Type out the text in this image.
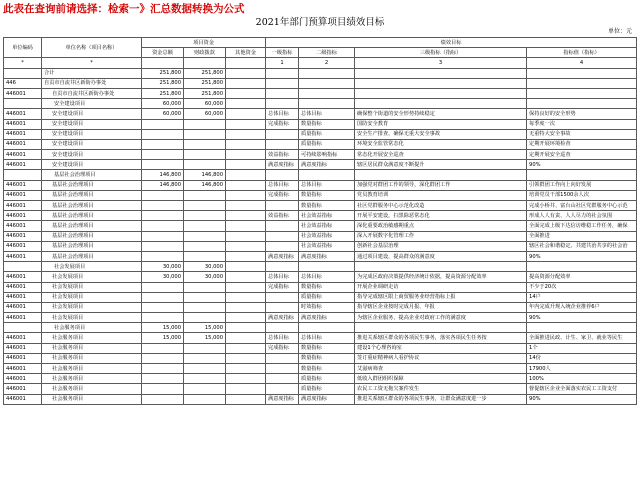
此表在查询前请选择：检索一》汇总数据转换为公式
2021年部门预算项目绩效目标
单位：元
单位编码	单位名称（项目名称）	项目资金			绩效目标			
		资金总额	财政拨款	其他资金	一级指标	二级指标	三级指标（指标）	指标值（指标）
*	*				1	2	3	4
	合计	251,800	251,800					
446	自贡市自流井区新街办事处	251,800	251,800					
446001	自贡市自流井区新街办事处	251,800	251,800					
	安全建设项目	60,000	60,000					
446001	安全建设项目	60,000	60,000		总体目标	总体目标	确保整个街道的安全形势持续稳定	保持良好的安全形势
446001	安全建设项目				完成指标	数量指标	国防安全教育	每季度一次
446001	安全建设项目					质量指标	安全生产排查，确保无重大安全事故	无重特大安全事故
446001	安全建设项目					质量指标	环境安全监管常态化	定期开展环境检查
446001	安全建设项目				效益指标	可持续影响指标	常态化开展安全巡查	定期开展安全巡查
446001	安全建设项目				满意度指标	满意度指标	辖区居民群众满意度不断提升	90%
	基层社会治理项目	146,800	146,800					
446001	基层社会治理项目	146,800	146,800		总体目标	总体目标	加强党对群团工作的领导，深化群团工作	引领群团工作向上向好发展
446001	基层社会治理项目				完成指标	数量指标	党员教育培训	培训党员干部1500余人次
446001	基层社会治理项目					数量指标	社区党群服务中心示范化改造	完成小桥井、富台山社区党群服务中心示范
446001	基层社会治理项目				效益指标	社会效益指标	开展平安建设，扫黑除恶常态化	形成人人有责、人人尽力的社会氛围
446001	基层社会治理项目					社会效益指标	深化重要政治敏感期重点	全面完成上级下达信访维稳工作任务，确保
446001	基层社会治理项目					社会效益指标	深入开展数字化管理工作	全面推进
446001	基层社会治理项目					社会效益指标	创新社会基层治理	辖区社会和谐稳定、共建共治共享的社会治
446001	基层社会治理项目				满意度指标	满意度指标	通过项目建设，提高群众的满意度	90%
	社会发展项目	30,000	30,000					
446001	社会发展项目	30,000	30,000		总体目标	总体目标	为完成区政府决策提供经济统计依据，提高资源分配效率	提高资源分配效率
446001	社会发展项目				完成指标	数量指标	开展企业调研走访	不少于20次
446001	社会发展项目					质量指标	指导完成辖区限上商贸服务业经营指标上报	14户
446001	社会发展项目					时效指标	指导辖区企业按时完成月报、年报	年内完成升规入统企业推荐6户
446001	社会发展项目				满意度指标	满意度指标	为辖区企业服务，提高企业对政府工作的满意度	90%
	社会服务项目	15,000	15,000					
446001	社会服务项目	15,000	15,000		总体目标	总体目标	推进关系辖区群众的各项民生事务，落实各项民生任务按	全面推进民政、计生、家卫、就业等民生
446001	社会服务项目				完成指标	数量指标	建设1个心理咨询室	1个
446001	社会服务项目					数量指标	签订重症精神病人看护协议	14份
446001	社会服务项目					数量指标	艾滋病筛查	17900人
446001	社会服务项目					质量指标	低收入群团组织保障	100%
446001	社会服务项目					质量指标	农民工工资无拖欠案件发生	督促辖区企业全面落实农民工工资支付
446001	社会服务项目				满意度指标	满意度指标	推进关系辖区群众的各项民生事务，让群众满意度进一步	90%
